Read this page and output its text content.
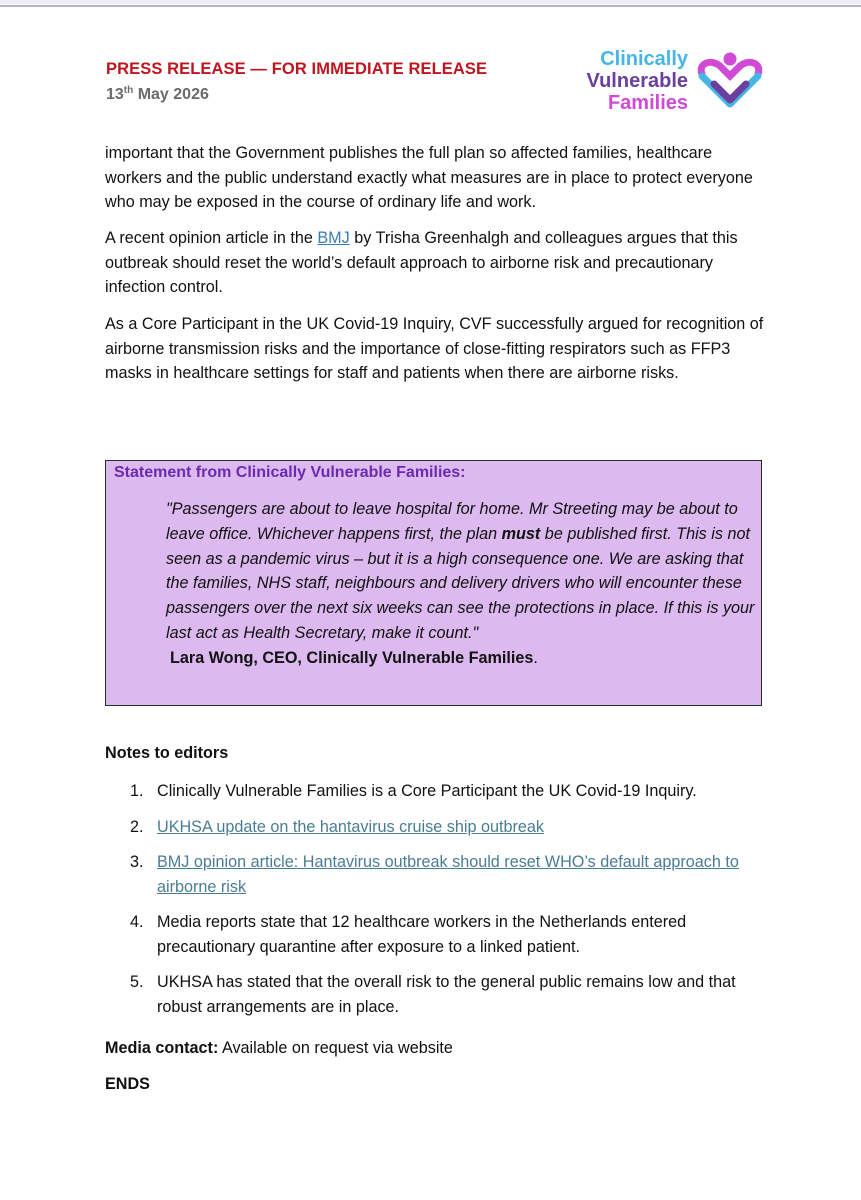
PRESS RELEASE — FOR IMMEDIATE RELEASE
13th May 2026
Clinically
Vulnerable
Families

important that the Government publishes the full plan so affected families, healthcare workers and the public understand exactly what measures are in place to protect everyone who may be exposed in the course of ordinary life and work.

A recent opinion article in the BMJ by Trisha Greenhalgh and colleagues argues that this outbreak should reset the world’s default approach to airborne risk and precautionary infection control.

As a Core Participant in the UK Covid-19 Inquiry, CVF successfully argued for recognition of airborne transmission risks and the importance of close-fitting respirators such as FFP3 masks in healthcare settings for staff and patients when there are airborne risks.

Statement from Clinically Vulnerable Families:

"Passengers are about to leave hospital for home. Mr Streeting may be about to leave office. Whichever happens first, the plan must be published first. This is not seen as a pandemic virus – but it is a high consequence one. We are asking that the families, NHS staff, neighbours and delivery drivers who will encounter these passengers over the next six weeks can see the protections in place. If this is your last act as Health Secretary, make it count."

Lara Wong, CEO, Clinically Vulnerable Families.
Notes to editors
1. Clinically Vulnerable Families is a Core Participant the UK Covid-19 Inquiry.
2. UKHSA update on the hantavirus cruise ship outbreak
3. BMJ opinion article: Hantavirus outbreak should reset WHO’s default approach to airborne risk
4. Media reports state that 12 healthcare workers in the Netherlands entered precautionary quarantine after exposure to a linked patient.
5. UKHSA has stated that the overall risk to the general public remains low and that robust arrangements are in place.
Media contact: Available on request via website
ENDS
